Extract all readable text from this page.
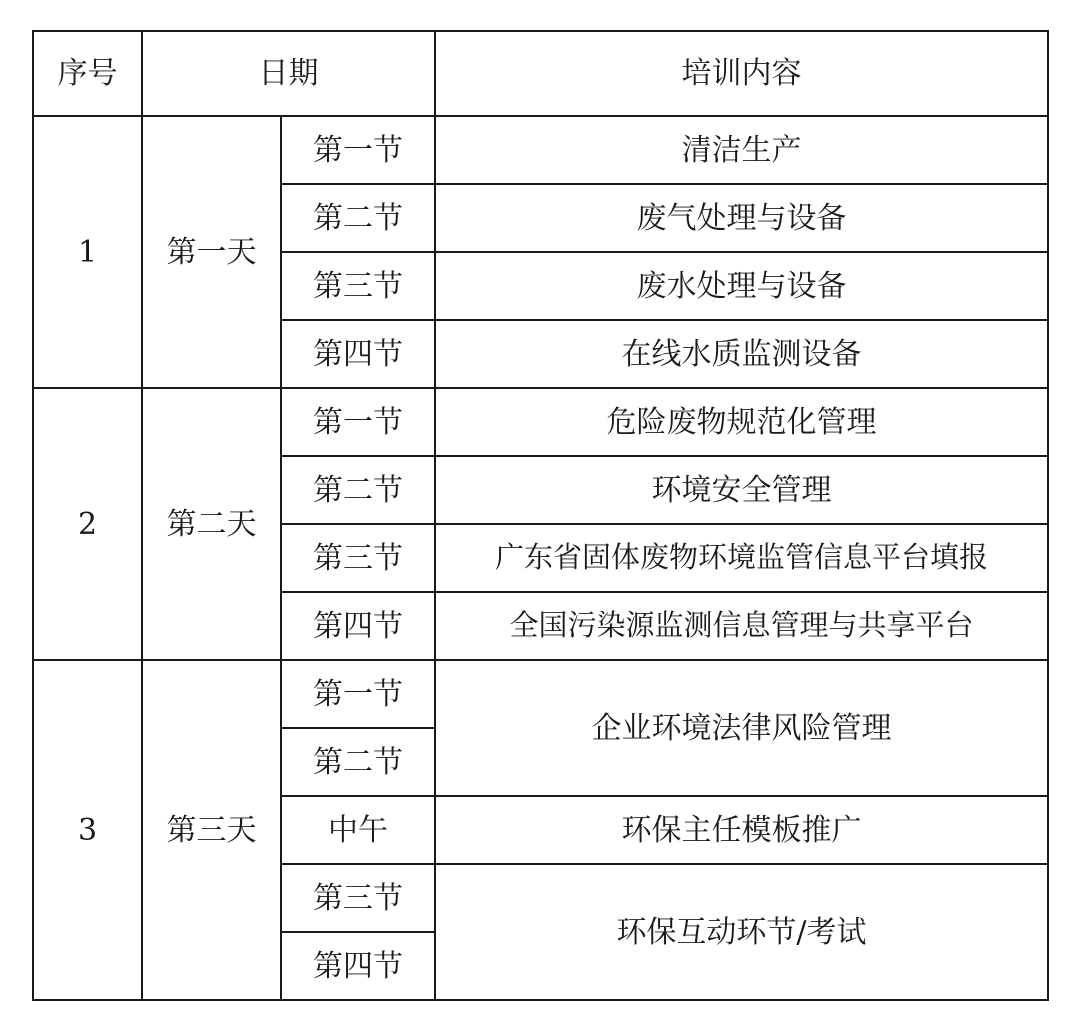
序号	日期		培训内容
1	第一天	第一节	清洁生产
		第二节	废气处理与设备
		第三节	废水处理与设备
		第四节	在线水质监测设备
2	第二天	第一节	危险废物规范化管理
		第二节	环境安全管理
		第三节	广东省固体废物环境监管信息平台填报
		第四节	全国污染源监测信息管理与共享平台
3	第三天	第一节	企业环境法律风险管理
		第二节	
		中午	环保主任模板推广
		第三节	环保互动环节/考试
		第四节	
